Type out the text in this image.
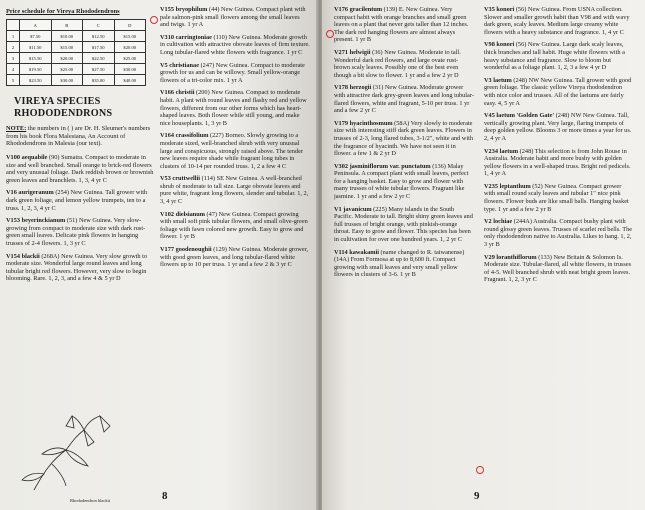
Price schedule for Vireya Rhododendrons
	A	B	C	D
1	$7.50	$10.00	$12.50	$15.00
2	$11.50	$15.00	$17.50	$20.00
3	$15.50	$20.00	$22.50	$25.00
4	$19.50	$25.00	$27.50	$30.00
5	$23.50	$30.00	$35.00	$40.00
VIREYA SPECIES
RHODODENDRONS
NOTE: the numbers in ( ) are Dr. H. Sleumer's numbers from his book Flora Malesiana, An Account of Rhododendrons in Malesia (our text).
V100 aequabile (90) Sumatra. Compact to moderate in size and well branched. Small orange to brick-red flowers and very unusual foliage. Dark reddish brown or brownish green leaves and branchlets. 1, 3, 4 yr C
V16 aurigeranum (254) New Guinea. Tall grower with dark green foliage, and lemon yellow trumpets, ten to a truss. 1, 2, 3, 4 yr C
V153 beyerinckianum (51) New Guinea. Very slow-growing from compact to moderate size with dark rust-green small leaves. Delicate pink flowers in hanging trusses of 2-4 flowers. 1, 3 yr C
V154 blackii (268A) New Guinea. Very slow growth to moderate size. Wonderful large round leaves and long tubular bright red flowers. However, very slow to begin blooming. Rare. 1, 2, 3, and a few 4 & 5 yr D
V155 bryophilum (44) New Guinea. Compact plant with pale salmon-pink small flowers among the small leaves and twigs. 1 yr A
V310 carringtoniae (110) New Guinea. Moderate growth in cultivation with attractive obovate leaves of firm texture. Long tubular-flared white flowers with fragrance. 1 yr C
V5 christianae (247) New Guinea. Compact to moderate growth for us and can be willowy. Small yellow-orange flowers of a tri-color mix. 1 yr A
V166 christii (200) New Guinea. Compact to moderate habit. A plant with round leaves and flashy red and yellow flowers, different from our other forms which has heart-shaped leaves. Both flower while still young, and make nice houseplants. 1, 3 yr B
V164 crassifolium (227) Borneo. Slowly growing to a moderate sized, well-branched shrub with very unusual large and conspicuous, strongly raised above. The tender new leaves require shade while fragrant long tubes in clusters of 10-14 per rounded truss. 1, 2 a few 4 C
V53 cruttwellii (114) SE New Guinea. A well-branched shrub of moderate to tall size. Large obovate leaves and pure white, fragrant long flowers, slender and tubular. 1, 2, 3, 4 yr C
V102 dielsianum (47) New Guinea. Compact growing with small soft pink tubular flowers, and small olive-green foliage with fawn colored new growth. Easy to grow and flower. 1 yr B
V177 goodenoughii (129) New Guinea. Moderate grower, with good green leaves, and long tubular-flared white flowers up to 10 per truss. 1 yr and a few 2 & 3 yr C
Rhododendron blackii	8
V176 gracilentum (139) E. New Guinea. Very compact habit with orange branches and small green leaves on a plant that never gets taller than 12 inches. The dark red hanging flowers are almost always present. 1 yr B
V271 helwigii (36) New Guinea. Moderate to tall. Wonderful dark red flowers, and large ovate rust-brown scaly leaves. Possibly one of the best even though a bit slow to flower. 1 yr and a few 2 yr D
V178 herzogii (31) New Guinea. Moderate grower with attractive dark grey-green leaves and long tubular-flared flowers, white and fragrant, 5-10 per truss. 1 yr and a few 2 yr C
V179 hyacinthosmum (58A) Very slowly to moderate size with interesting stiff dark green leaves. Flowers in trusses of 2-3, long flared tubes, 3-1/2", white and with the fragrance of hyacinth. We have not seen it in flower. a few 1 & 2 yr D
V302 jasminiflorum var. punctatum (136) Malay Peninsula. A compact plant with small leaves, perfect for a hanging basket. Easy to grow and flower with many trusses of white tubular flowers. Fragrant like jasmine. 1 yr and a few 2 yr C
V1 javanicum (225) Many islands in the South Pacific. Moderate to tall. Bright shiny green leaves and full trusses of bright orange, with pinkish-orange throat. Easy to grow and flower. This species has been in cultivation for over one hundred years. 1, 2 yr C
V114 kawakamii (name changed to R. taiwanense) (14A) From Formosa at up to 8,600 ft. Compact growing with small leaves and very small yellow flowers in clusters of 3-6. 1 yr B
V35 konori (56) New Guinea. From USNA collection. Slower and smaller growth habit than V98 and with wavy dark green, scaly leaves. Medium large creamy white flowers with a heavy substance and fragrance. 1, 4 yr C
V98 konori (56) New Guinea. Large dark scaly leaves, thick branches and tall habit. Huge white flowers with a heavy substance and fragrance. Slow to bloom but wonderful as a foliage plant. 1, 2, 3 a few 4 yr D
V3 laetum (248) NW New Guinea. Tall grower with good green foliage. The classic yellow Vireya rhododendron with nice color and trusses. All of the laetums are fairly easy. 4, 5 yr A
V45 laetum 'Golden Gate' (248) NW New Guinea. Tall, vertically growing plant. Very large, flaring trumpets of deep golden yellow. Blooms 3 or more times a year for us. 2, 4 yr A
V234 laetum (248) This selection is from John Rouse in Australia. Moderate habit and more bushy with golden yellow flowers in a well-shaped truss. Bright red pedicels. 1, 4 yr A
V235 leptanthum (52) New Guinea. Compact grower with small round scaly leaves and tubular 1" nice pink flowers. Flower buds are like small balls. Hanging basket type. 1 yr and a few 2 yr B
V2 lochiae (244A) Australia. Compact bushy plant with round glossy green leaves. Trusses of scarlet red bells. The only rhododendron native to Australia. Likes to hang. 1, 2, 3 yr B
V29 loranthiflorum (133) New Britain & Solomon Is. Moderate size. Tubular-flared, all white flowers, in trusses of 4-5. Well branched shrub with neat bright green leaves. Fragrant. 1, 2, 3 yr C
9
